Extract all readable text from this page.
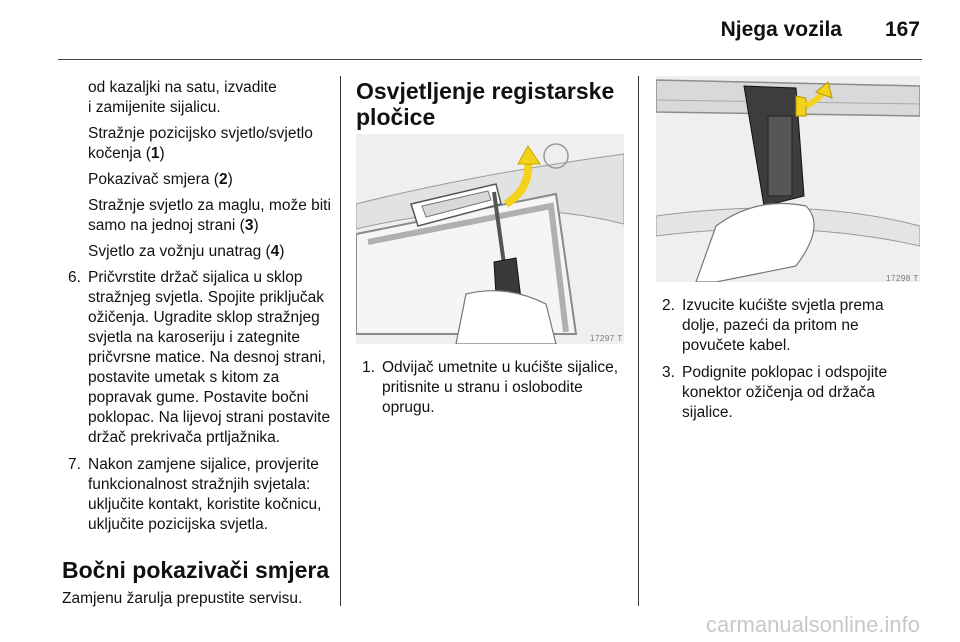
Njega vozila 167

od kazaljki na satu, izvadite
i zamijenite sijalicu.

Stražnje pozicijsko svjetlo/svjetlo kočenja (1)

Pokazivač smjera (2)

Stražnje svjetlo za maglu, može biti samo na jednoj strani (3)

Svjetlo za vožnju unatrag (4)

6. Pričvrstite držač sijalica u sklop stražnjeg svjetla. Spojite priključak ožičenja. Ugradite sklop stražnjeg svjetla na karoseriju i zategnite pričvrsne matice. Na desnoj strani, postavite umetak s kitom za popravak gume. Postavite bočni poklopac. Na lijevoj strani postavite držač prekrivača prtljažnika.
7. Nakon zamjene sijalice, provjerite funkcionalnost stražnjih svjetala: uključite kontakt, koristite kočnicu, uključite pozicijska svjetla.
Bočni pokazivači smjera

Zamjenu žarulja prepustite servisu.

Osvjetljenje registarske pločice
17297 T
1. Odvijač umetnite u kućište sijalice, pritisnite u stranu i oslobodite oprugu.
17298 T
2. Izvucite kućište svjetla prema dolje, pazeći da pritom ne povučete kabel.
3. Podignite poklopac i odspojite konektor ožičenja od držača sijalice.
carmanualsonline.info
